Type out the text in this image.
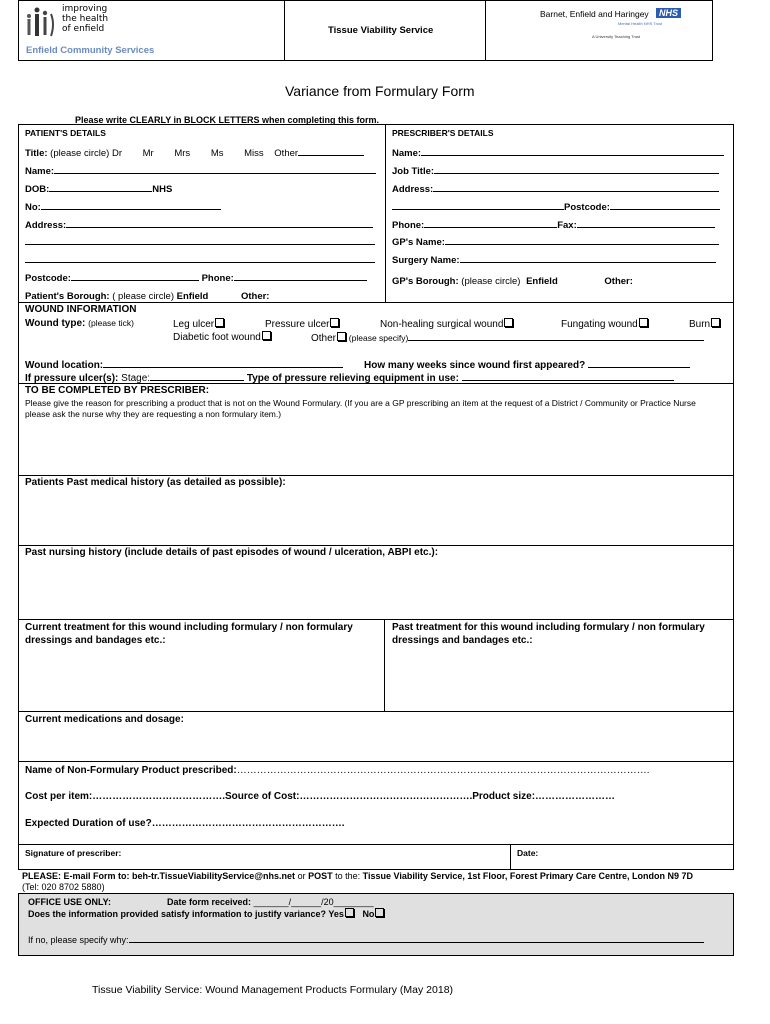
improving
the health
of enfield
Enfield Community Services
Tissue Viability Service
Barnet, Enfield and Haringey	NHS
Mental Health NHS Trust
A University Teaching Trust
Variance from Formulary Form
Please write CLEARLY in BLOCK LETTERS when completing this form.
PATIENT'S DETAILS
Title: (please circle) Dr Mr Mrs Ms Miss Other
Name:
DOB:	NHS
No:
Address:
Postcode:	Phone:
Patient's Borough: ( please circle) Enfield	Other:
PRESCRIBER'S DETAILS
Name:
Job Title:
Address:
Postcode:
Phone:	Fax:
GP's Name:
Surgery Name:
GP's Borough: (please circle) Enfield	Other:
WOUND INFORMATION
Wound type: (please tick)	Leg ulcer	Pressure ulcer	Non-healing surgical wound	Fungating wound	Burn
Diabetic foot wound	Other (please specify)
Wound location:	How many weeks since wound first appeared?
If pressure ulcer(s): Stage:	Type of pressure relieving equipment in use:
TO BE COMPLETED BY PRESCRIBER:
Please give the reason for prescribing a product that is not on the Wound Formulary. (If you are a GP prescribing an item at the request of a District / Community or Practice Nurse please ask the nurse why they are requesting a non formulary item.)
Patients Past medical history (as detailed as possible):
Past nursing history (include details of past episodes of wound / ulceration, ABPI etc.):
Current treatment for this wound including formulary / non formulary dressings and bandages etc.:
Past treatment for this wound including formulary / non formulary dressings and bandages etc.:
Current medications and dosage:
Name of Non-Formulary Product prescribed:…………………………………………………………………………………………………………….
Cost per item:………………………………….Source of Cost:…………………………………………….Product size:……………………
Expected Duration of use?………………………………………………….
Signature of prescriber:	Date:
PLEASE: E-mail Form to: beh-tr.TissueViabilityService@nhs.net or POST to the: Tissue Viability Service, 1st Floor, Forest Primary Care Centre, London N9 7D (Tel: 020 8702 5880)
OFFICE USE ONLY:	Date form received: _______/______/20________
Does the information provided satisfy information to justify variance? Yes No
If no, please specify why:
Tissue Viability Service: Wound Management Products Formulary (May 2018)
